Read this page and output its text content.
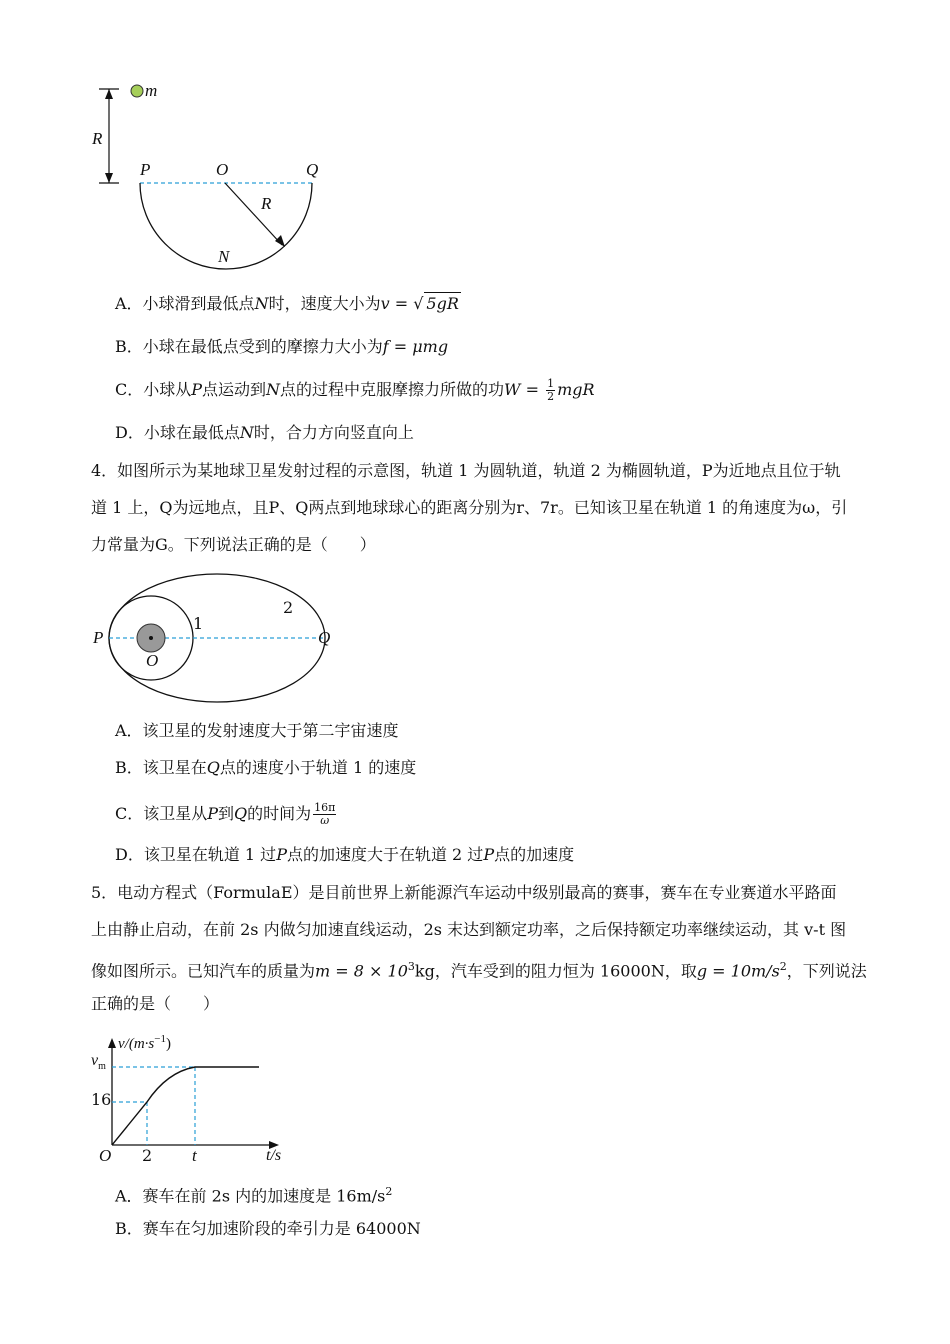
m
R
P	O	Q
R
N
A．小球滑到最低点N时，速度大小为v = √ 5gR
B．小球在最低点受到的摩擦力大小为f = μmg
C．小球从P点运动到N点的过程中克服摩擦力所做的功$W = \frac{1}{2}$ mgR
D．小球在最低点N时，合力方向竖直向上
4．如图所示为某地球卫星发射过程的示意图，轨道 1 为圆轨道，轨道 2 为椭圆轨道，P为近地点且位于轨
道 1 上，Q为远地点，且P、Q两点到地球球心的距离分别为r、7r。已知该卫星在轨道 1 的角速度为ω，引
力常量为G。下列说法正确的是（　　）
P
O
Q
1
2
A．该卫星的发射速度大于第二宇宙速度
B．该卫星在Q点的速度小于轨道 1 的速度
C．该卫星从P到Q的时间为 $\frac{16\pi}{\omega}$
D．该卫星在轨道 1 过P点的加速度大于在轨道 2 过P点的加速度
5．电动方程式（FormulaE）是目前世界上新能源汽车运动中级别最高的赛事，赛车在专业赛道水平路面
上由静止启动，在前 2s 内做匀加速直线运动，2s 末达到额定功率，之后保持额定功率继续运动，其 v-t 图
像如图所示。已知汽车的质量为$m = 8 \times 10^3kg$，汽车受到的阻力恒为 16000N，取$g = 10m/s^2$，下列说法
正确的是（　　）
$v/(m\cdot s^{-1})$
$v_m$
16
O 2 t	t/s
A．赛车在前 2s 内的加速度是 $16m/s^2$
B．赛车在匀加速阶段的牵引力是 64000N
